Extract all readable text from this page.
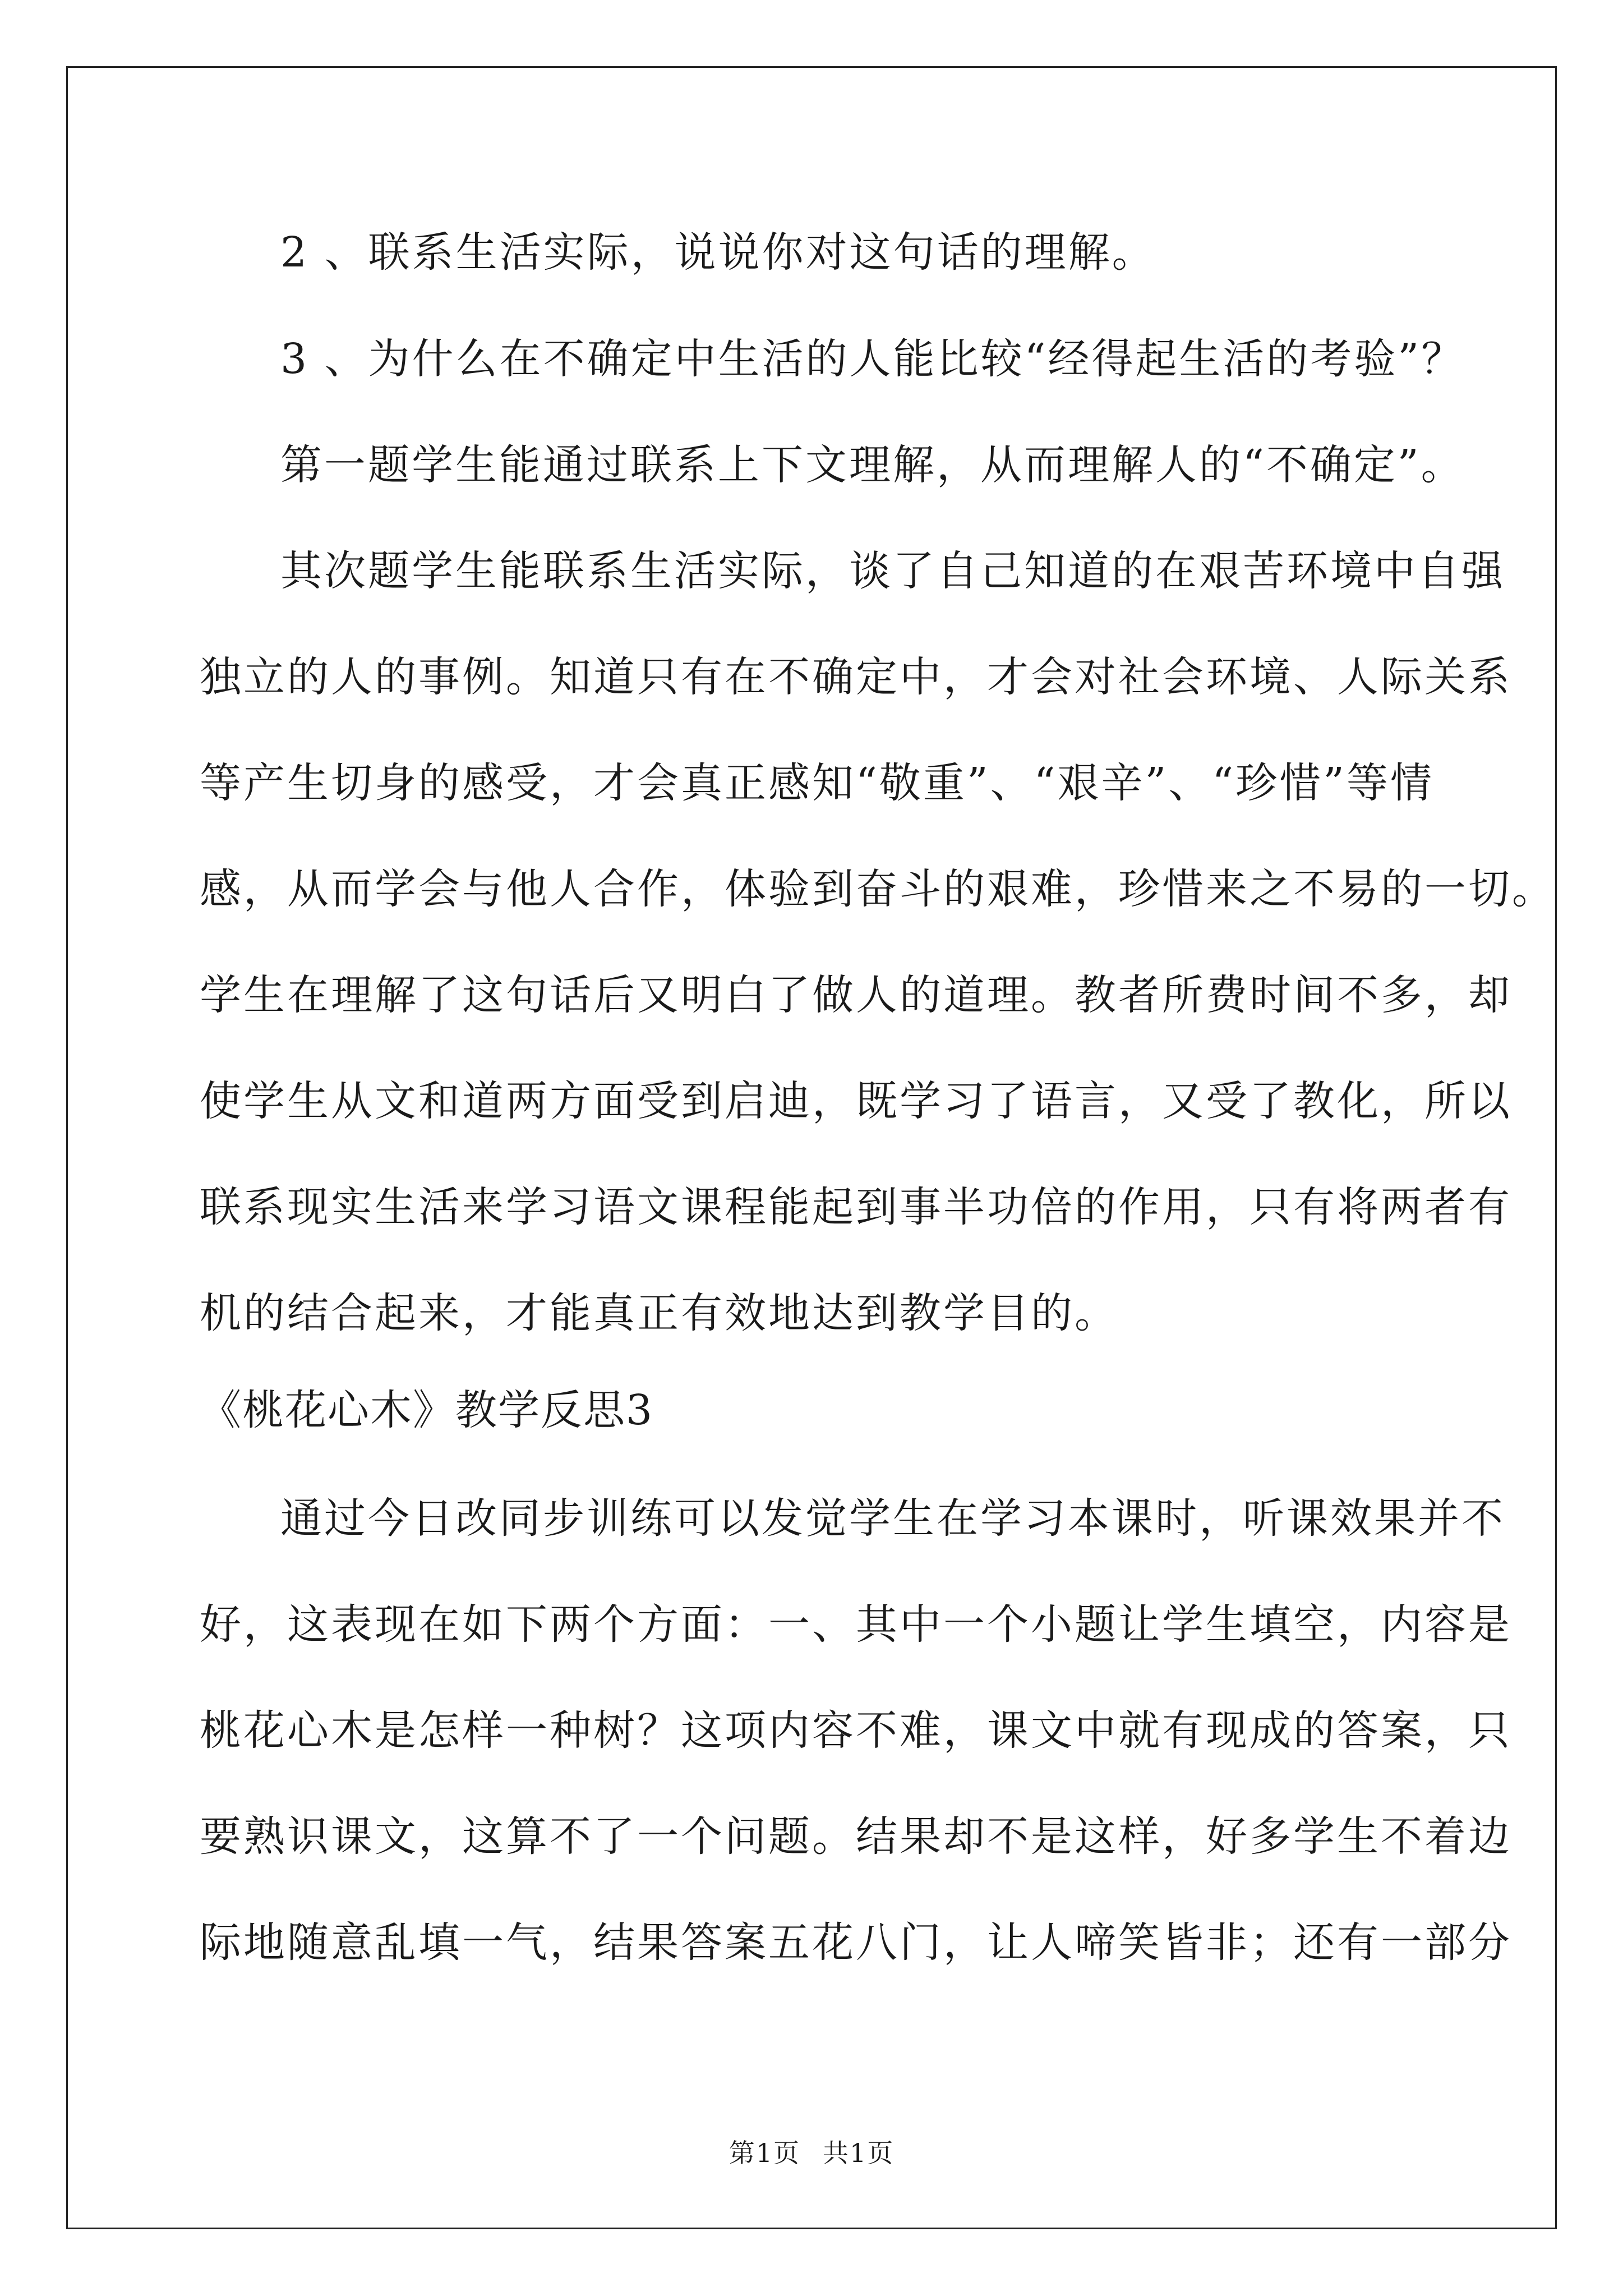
2 、联系生活实际，说说你对这句话的理解。
3 、为什么在不确定中生活的人能比较“经得起生活的考验”？
第一题学生能通过联系上下文理解，从而理解人的“不确定”。
其次题学生能联系生活实际，谈了自己知道的在艰苦环境中自强
独立的人的事例。知道只有在不确定中，才会对社会环境、人际关系
等产生切身的感受，才会真正感知“敬重”、“艰辛”、“珍惜”等情
感，从而学会与他人合作，体验到奋斗的艰难，珍惜来之不易的一切。
学生在理解了这句话后又明白了做人的道理。教者所费时间不多，却
使学生从文和道两方面受到启迪，既学习了语言，又受了教化，所以
联系现实生活来学习语文课程能起到事半功倍的作用，只有将两者有
机的结合起来，才能真正有效地达到教学目的。
《桃花心木》教学反思3
通过今日改同步训练可以发觉学生在学习本课时，听课效果并不
好，这表现在如下两个方面：一、其中一个小题让学生填空，内容是
桃花心木是怎样一种树？这项内容不难，课文中就有现成的答案，只
要熟识课文，这算不了一个问题。结果却不是这样，好多学生不着边
际地随意乱填一气，结果答案五花八门，让人啼笑皆非；还有一部分
第1页 共1页
